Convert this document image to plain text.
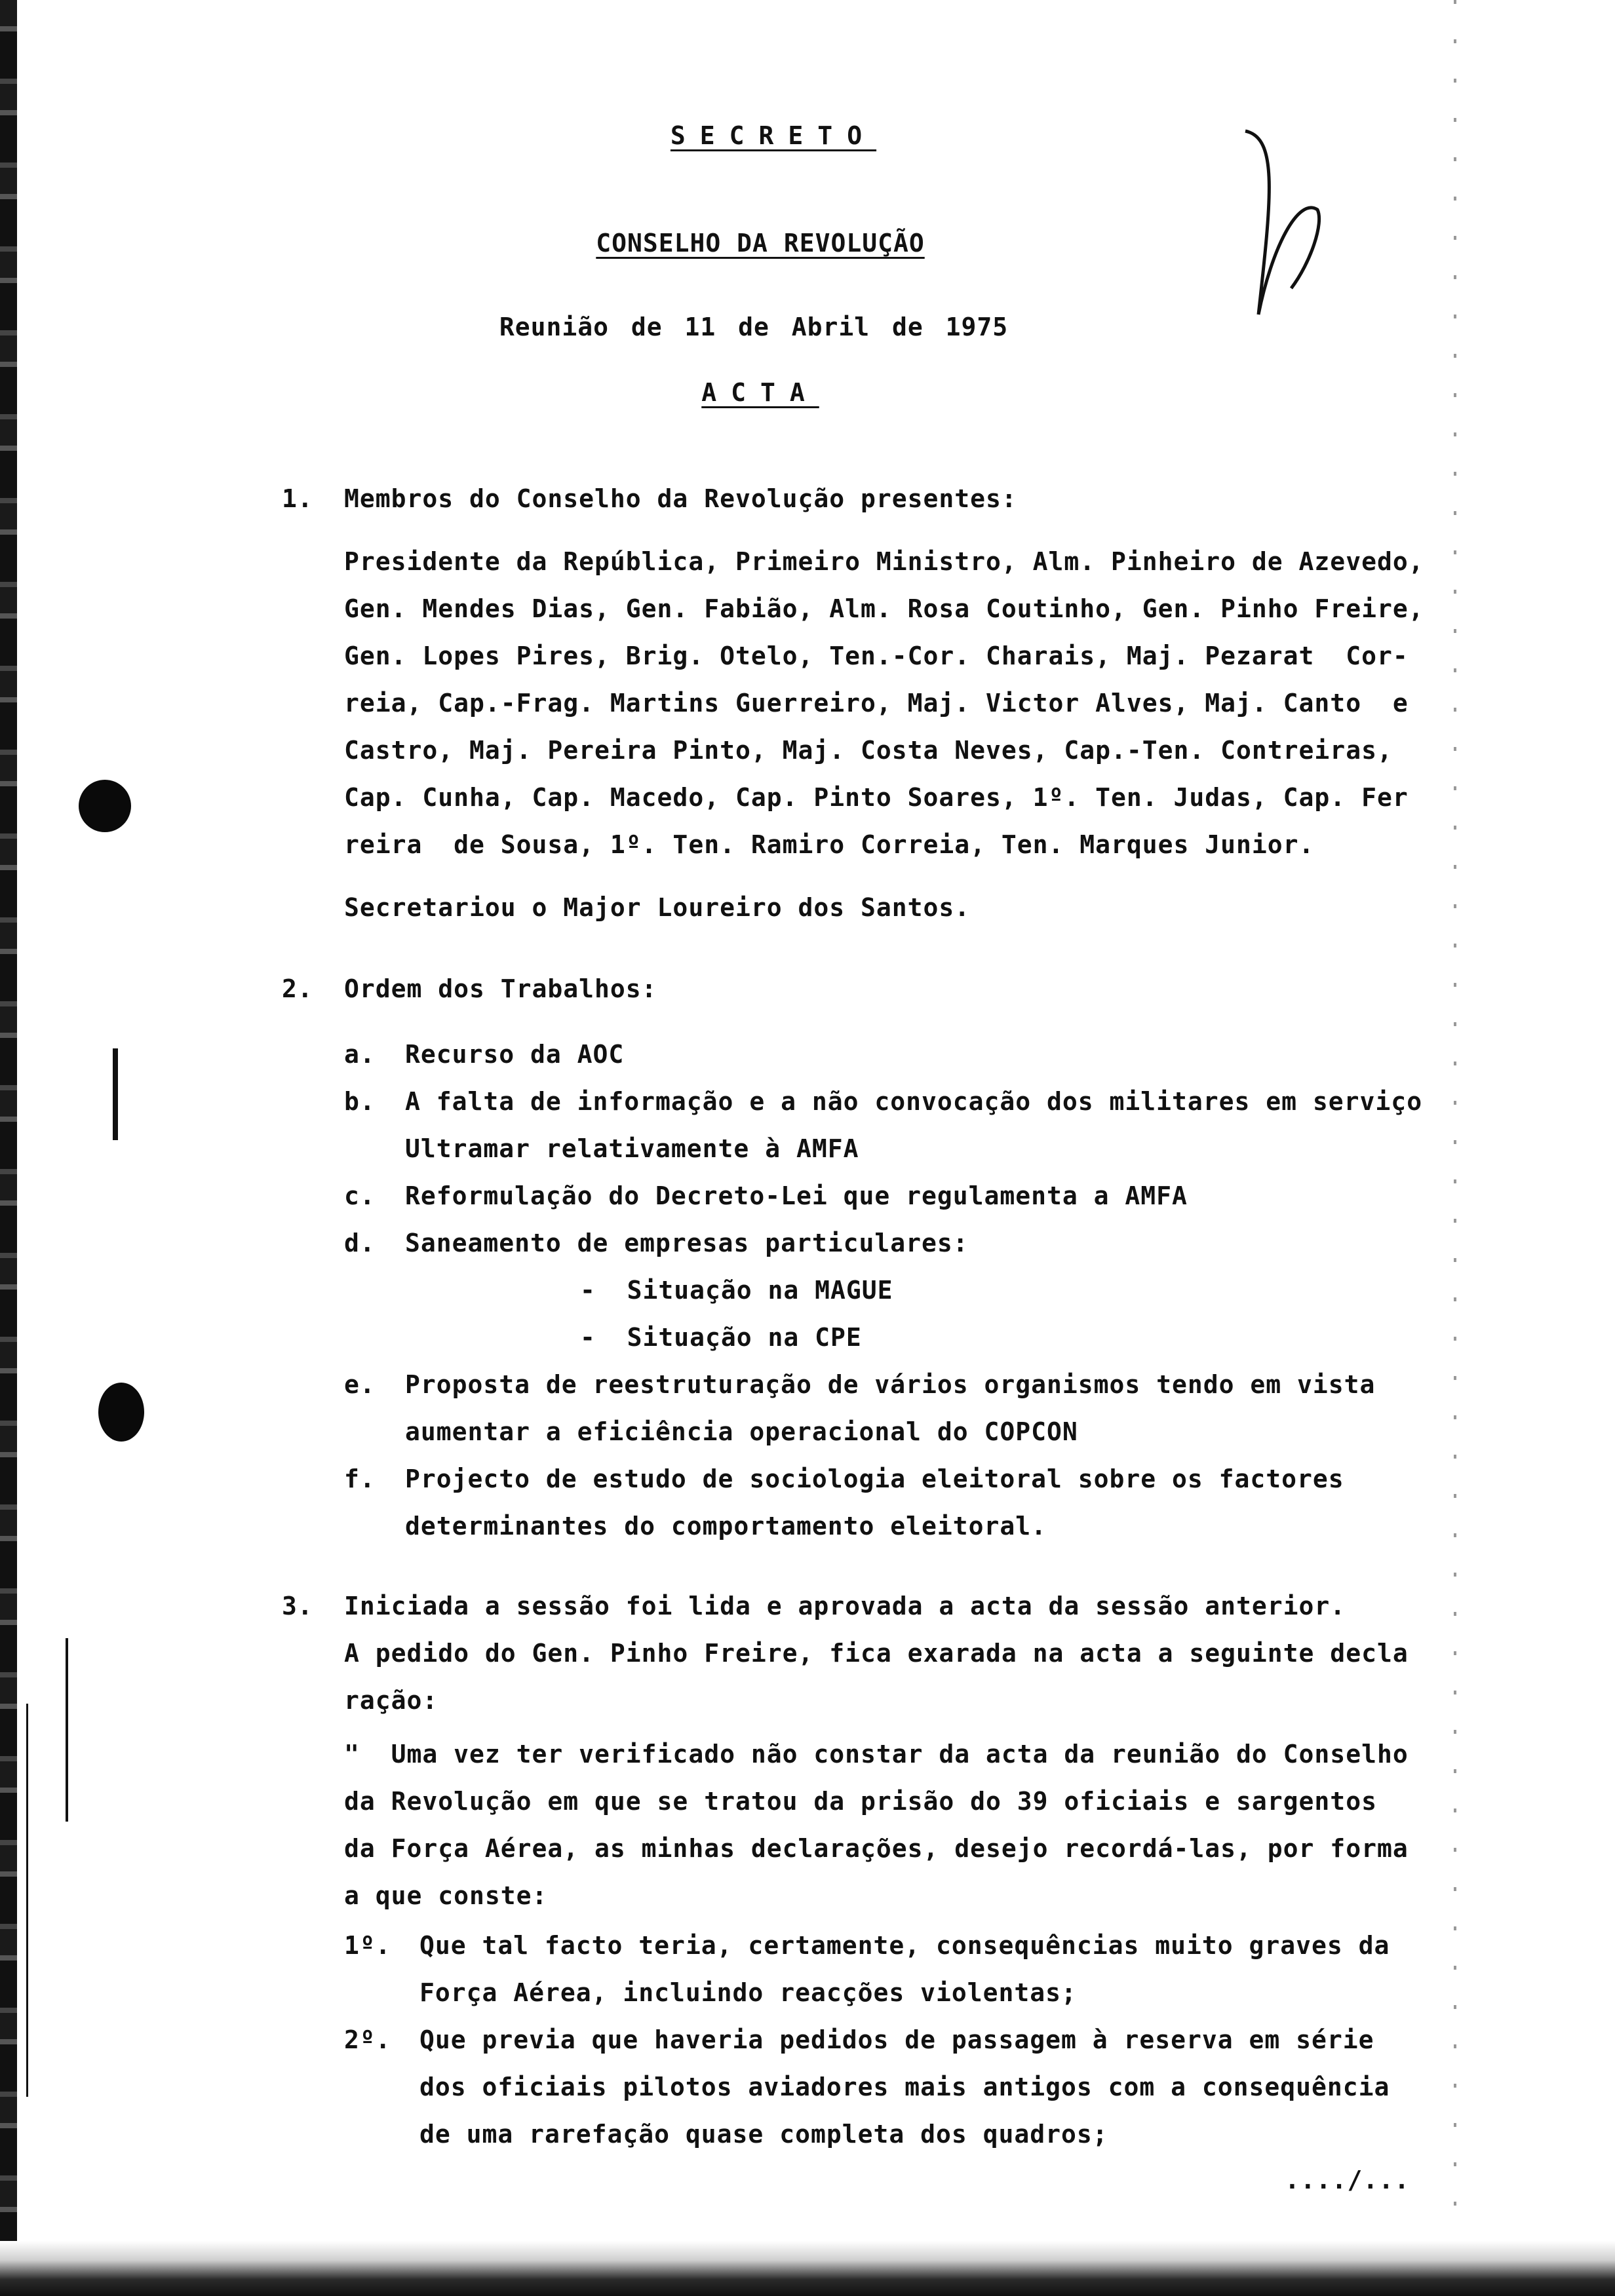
SECRETO
CONSELHO DA REVOLUÇÃO
Reunião de 11 de Abril de 1975
ACTA
1. Membros do Conselho da Revolução presentes:
Presidente da República, Primeiro Ministro, Alm. Pinheiro de Azevedo,
Gen. Mendes Dias, Gen. Fabião, Alm. Rosa Coutinho, Gen. Pinho Freire,
Gen. Lopes Pires, Brig. Otelo, Ten.-Cor. Charais, Maj. Pezarat  Cor-
reia, Cap.-Frag. Martins Guerreiro, Maj. Victor Alves, Maj. Canto  e
Castro, Maj. Pereira Pinto, Maj. Costa Neves, Cap.-Ten. Contreiras,
Cap. Cunha, Cap. Macedo, Cap. Pinto Soares, 1º. Ten. Judas, Cap. Fer
reira  de Sousa, 1º. Ten. Ramiro Correia, Ten. Marques Junior.
Secretariou o Major Loureiro dos Santos.
2. Ordem dos Trabalhos:
a. Recurso da AOC
b. A falta de informação e a não convocação dos militares em serviço
Ultramar relativamente à AMFA
c. Reformulação do Decreto-Lei que regulamenta a AMFA
d. Saneamento de empresas particulares:
-  Situação na MAGUE
-  Situação na CPE
e. Proposta de reestruturação de vários organismos tendo em vista
aumentar a eficiência operacional do COPCON
f. Projecto de estudo de sociologia eleitoral sobre os factores
determinantes do comportamento eleitoral.
3. Iniciada a sessão foi lida e aprovada a acta da sessão anterior.
A pedido do Gen. Pinho Freire, fica exarada na acta a seguinte decla
ração:
"  Uma vez ter verificado não constar da acta da reunião do Conselho
da Revolução em que se tratou da prisão do 39 oficiais e sargentos
da Força Aérea, as minhas declarações, desejo recordá-las, por forma
a que conste:
1º. Que tal facto teria, certamente, consequências muito graves da
Força Aérea, incluindo reacções violentas;
2º. Que previa que haveria pedidos de passagem à reserva em série
dos oficiais pilotos aviadores mais antigos com a consequência
de uma rarefação quase completa dos quadros;
..../...
